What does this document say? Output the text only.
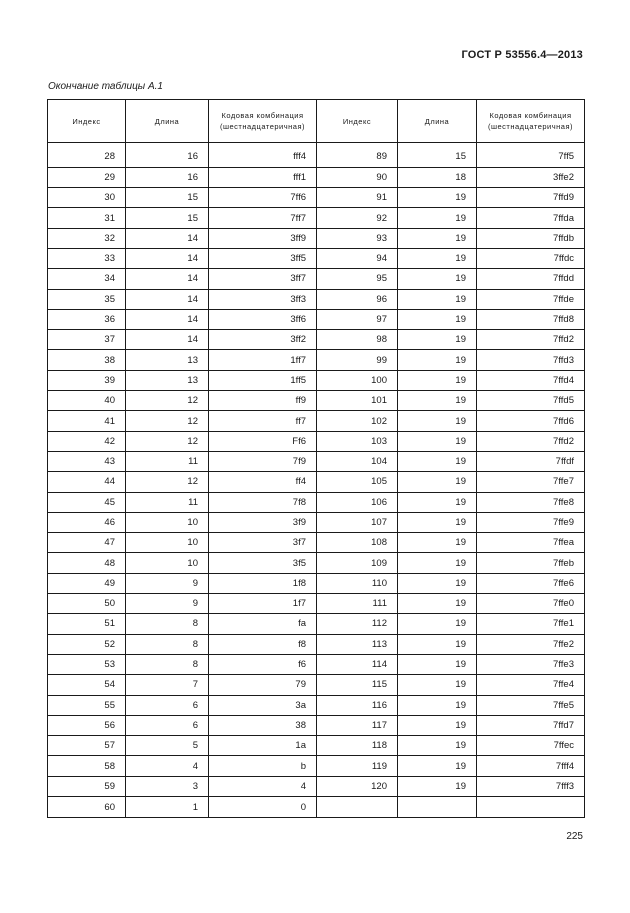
ГОСТ Р 53556.4—2013
Окончание таблицы А.1
Индекс	Длина	Кодовая комбинация (шестнадцатеричная)	Индекс	Длина	Кодовая комбинация (шестнадцатеричная)

28	16	fff4	89	15	7ff5
29	16	fff1	90	18	3ffe2
30	15	7ff6	91	19	7ffd9
31	15	7ff7	92	19	7ffda
32	14	3ff9	93	19	7ffdb
33	14	3ff5	94	19	7ffdc
34	14	3ff7	95	19	7ffdd
35	14	3ff3	96	19	7ffde
36	14	3ff6	97	19	7ffd8
37	14	3ff2	98	19	7ffd2
38	13	1ff7	99	19	7ffd3
39	13	1ff5	100	19	7ffd4
40	12	ff9	101	19	7ffd5
41	12	ff7	102	19	7ffd6
42	12	Ff6	103	19	7ffd2
43	11	7f9	104	19	7ffdf
44	12	ff4	105	19	7ffe7
45	11	7f8	106	19	7ffe8
46	10	3f9	107	19	7ffe9
47	10	3f7	108	19	7ffea
48	10	3f5	109	19	7ffeb
49	9	1f8	110	19	7ffe6
50	9	1f7	111	19	7ffe0
51	8	fa	112	19	7ffe1
52	8	f8	113	19	7ffe2
53	8	f6	114	19	7ffe3
54	7	79	115	19	7ffe4
55	6	3a	116	19	7ffe5
56	6	38	117	19	7ffd7
57	5	1a	118	19	7ffec
58	4	b	119	19	7fff4
59	3	4	120	19	7fff3
60	1	0			
225
